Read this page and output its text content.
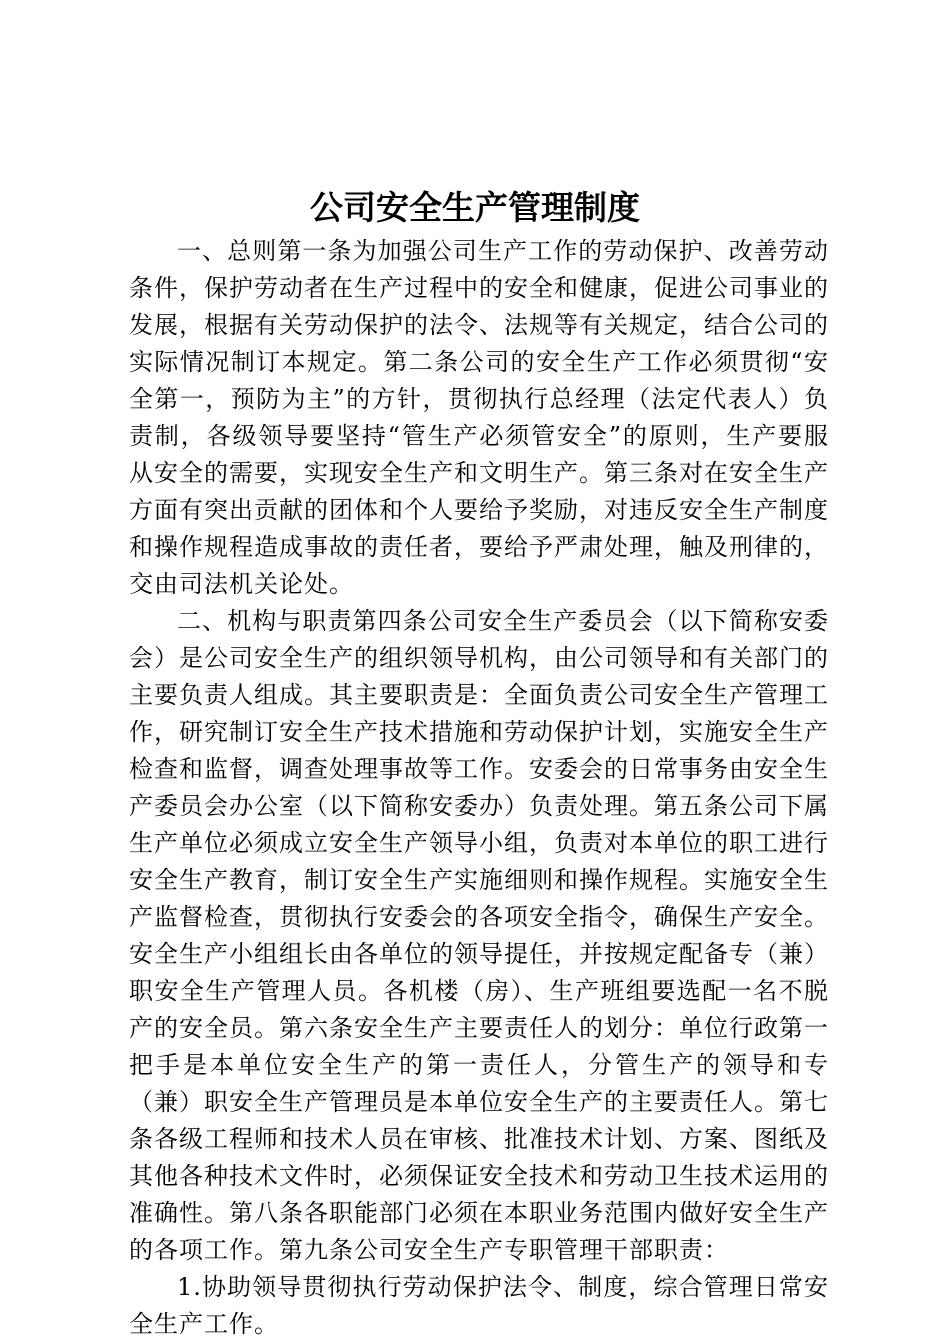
公司安全生产管理制度

一、总则第一条为加强公司生产工作的劳动保护、改善劳动条件，保护劳动者在生产过程中的安全和健康，促进公司事业的发展，根据有关劳动保护的法令、法规等有关规定，结合公司的实际情况制订本规定。第二条公司的安全生产工作必须贯彻“安全第一，预防为主”的方针，贯彻执行总经理（法定代表人）负责制，各级领导要坚持“管生产必须管安全”的原则，生产要服从安全的需要，实现安全生产和文明生产。第三条对在安全生产方面有突出贡献的团体和个人要给予奖励，对违反安全生产制度和操作规程造成事故的责任者，要给予严肃处理，触及刑律的，交由司法机关论处。

二、机构与职责第四条公司安全生产委员会（以下简称安委会）是公司安全生产的组织领导机构，由公司领导和有关部门的主要负责人组成。其主要职责是：全面负责公司安全生产管理工作，研究制订安全生产技术措施和劳动保护计划，实施安全生产检查和监督，调查处理事故等工作。安委会的日常事务由安全生产委员会办公室（以下简称安委办）负责处理。第五条公司下属生产单位必须成立安全生产领导小组，负责对本单位的职工进行安全生产教育，制订安全生产实施细则和操作规程。实施安全生产监督检查，贯彻执行安委会的各项安全指令，确保生产安全。安全生产小组组长由各单位的领导提任，并按规定配备专（兼）职安全生产管理人员。各机楼（房）、生产班组要选配一名不脱产的安全员。第六条安全生产主要责任人的划分：单位行政第一把手是本单位安全生产的第一责任人，分管生产的领导和专（兼）职安全生产管理员是本单位安全生产的主要责任人。第七条各级工程师和技术人员在审核、批准技术计划、方案、图纸及其他各种技术文件时，必须保证安全技术和劳动卫生技术运用的准确性。第八条各职能部门必须在本职业务范围内做好安全生产的各项工作。第九条公司安全生产专职管理干部职责：

1.协助领导贯彻执行劳动保护法令、制度，综合管理日常安全生产工作。
